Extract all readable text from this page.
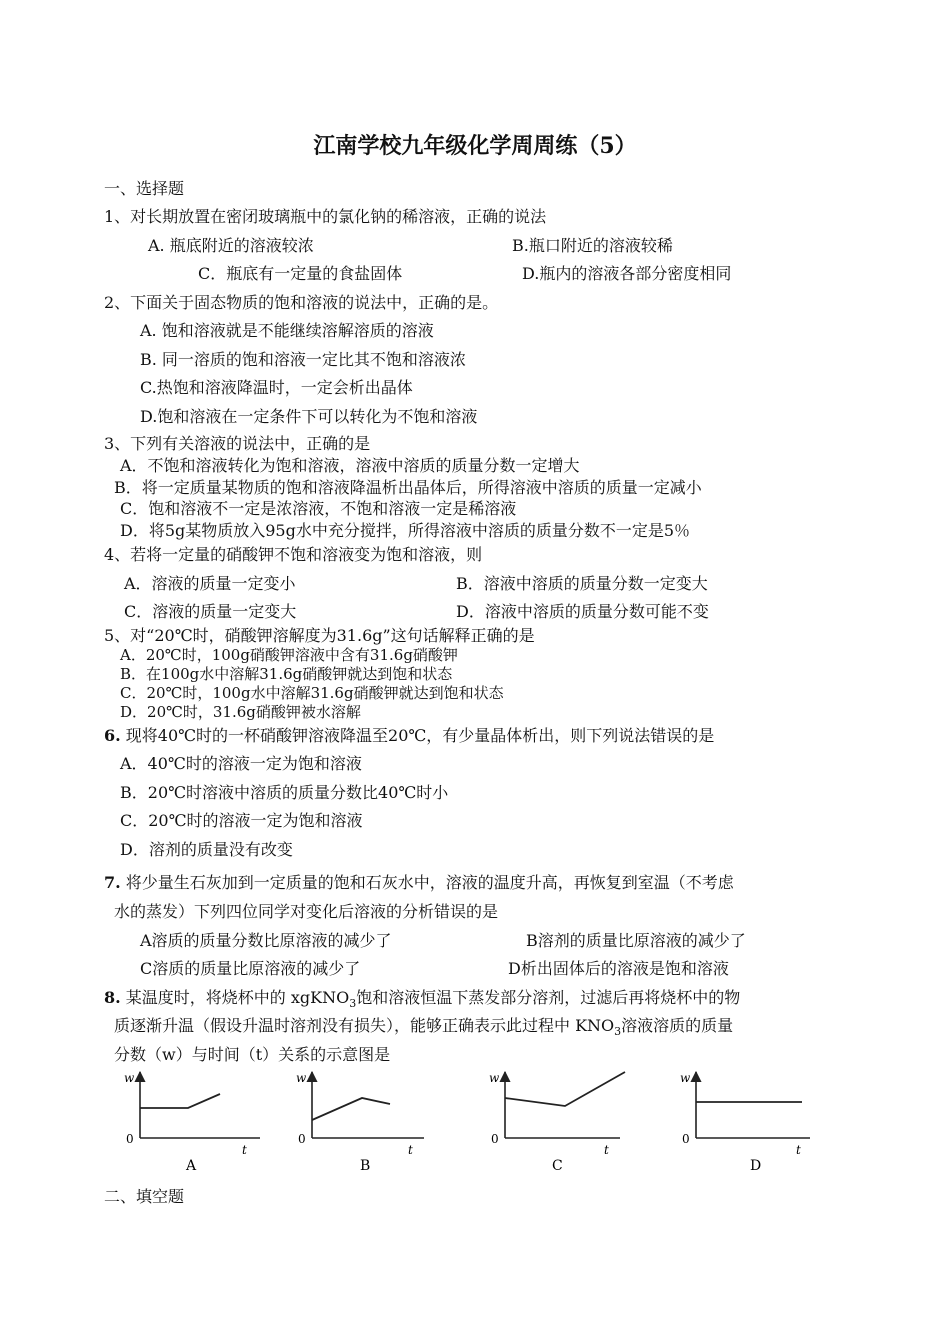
江南学校九年级化学周周练（5）
一、选择题
1、对长期放置在密闭玻璃瓶中的氯化钠的稀溶液，正确的说法
A. 瓶底附近的溶液较浓	B.瓶口附近的溶液较稀
C．瓶底有一定量的食盐固体	D.瓶内的溶液各部分密度相同
2、下面关于固态物质的饱和溶液的说法中，正确的是。
A. 饱和溶液就是不能继续溶解溶质的溶液
B. 同一溶质的饱和溶液一定比其不饱和溶液浓
C.热饱和溶液降温时，一定会析出晶体
D.饱和溶液在一定条件下可以转化为不饱和溶液
3、下列有关溶液的说法中，正确的是
A．不饱和溶液转化为饱和溶液，溶液中溶质的质量分数一定增大
B．将一定质量某物质的饱和溶液降温析出晶体后，所得溶液中溶质的质量一定减小
C．饱和溶液不一定是浓溶液，不饱和溶液一定是稀溶液
D．将5g某物质放入95g水中充分搅拌，所得溶液中溶质的质量分数不一定是5％
4、若将一定量的硝酸钾不饱和溶液变为饱和溶液，则
A．溶液的质量一定变小	B．溶液中溶质的质量分数一定变大
C．溶液的质量一定变大	D．溶液中溶质的质量分数可能不变
5、对“20℃时，硝酸钾溶解度为31.6g”这句话解释正确的是
A．20℃时，100g硝酸钾溶液中含有31.6g硝酸钾
B．在100g水中溶解31.6g硝酸钾就达到饱和状态
C．20℃时，100g水中溶解31.6g硝酸钾就达到饱和状态
D．20℃时，31.6g硝酸钾被水溶解
6. 现将40℃时的一杯硝酸钾溶液降温至20℃，有少量晶体析出，则下列说法错误的是
A．40℃时的溶液一定为饱和溶液
B．20℃时溶液中溶质的质量分数比40℃时小
C．20℃时的溶液一定为饱和溶液
D．溶剂的质量没有改变
7. 将少量生石灰加到一定质量的饱和石灰水中，溶液的温度升高，再恢复到室温（不考虑
水的蒸发）下列四位同学对变化后溶液的分析错误的是
A溶质的质量分数比原溶液的减少了	B溶剂的质量比原溶液的减少了
C溶质的质量比原溶液的减少了	D析出固体后的溶液是饱和溶液
8. 某温度时，将烧杯中的 xgKNO$_3$饱和溶液恒温下蒸发部分溶剂，过滤后再将烧杯中的物
质逐渐升温（假设升温时溶剂没有损失），能够正确表示此过程中 $KNO_3$溶液溶质的质量
分数（w）与时间（t）关系的示意图是
w
0
t
A
w
0
t
B
w
0
t
C
w
0
t
D
二、填空题
